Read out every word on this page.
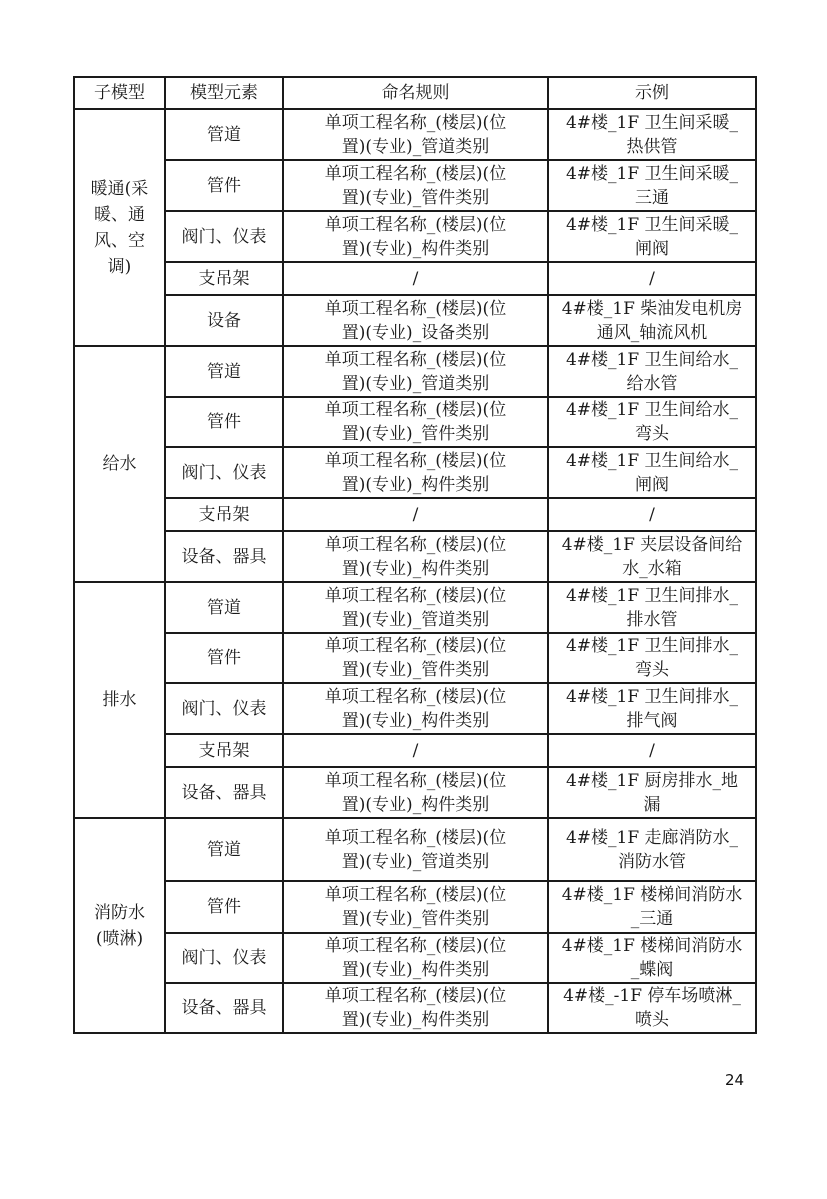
子模型	模型元素	命名规则	示例
暖通(采暖、通风、空调)	管道	单项工程名称_(楼层)(位
置)(专业)_管道类别	4#楼_1F 卫生间采暖_
热供管

	管件	单项工程名称_(楼层)(位
置)(专业)_管件类别	4#楼_1F 卫生间采暖_
三通

	阀门、仪表	单项工程名称_(楼层)(位
置)(专业)_构件类别	4#楼_1F 卫生间采暖_
闸阀

	支吊架	/	/

	设备	单项工程名称_(楼层)(位
置)(专业)_设备类别	4#楼_1F 柴油发电机房
通风_轴流风机

给水	管道	单项工程名称_(楼层)(位
置)(专业)_管道类别	4#楼_1F 卫生间给水_
给水管

	管件	单项工程名称_(楼层)(位
置)(专业)_管件类别	4#楼_1F 卫生间给水_
弯头

	阀门、仪表	单项工程名称_(楼层)(位
置)(专业)_构件类别	4#楼_1F 卫生间给水_
闸阀

	支吊架	/	/

	设备、器具	单项工程名称_(楼层)(位
置)(专业)_构件类别	4#楼_1F 夹层设备间给
水_水箱

排水	管道	单项工程名称_(楼层)(位
置)(专业)_管道类别	4#楼_1F 卫生间排水_
排水管

	管件	单项工程名称_(楼层)(位
置)(专业)_管件类别	4#楼_1F 卫生间排水_
弯头

	阀门、仪表	单项工程名称_(楼层)(位
置)(专业)_构件类别	4#楼_1F 卫生间排水_
排气阀

	支吊架	/	/

	设备、器具	单项工程名称_(楼层)(位
置)(专业)_构件类别	4#楼_1F 厨房排水_地
漏

消防水(喷淋)	管道	单项工程名称_(楼层)(位
置)(专业)_管道类别	4#楼_1F 走廊消防水_
消防水管

	管件	单项工程名称_(楼层)(位
置)(专业)_管件类别	4#楼_1F 楼梯间消防水
_三通

	阀门、仪表	单项工程名称_(楼层)(位
置)(专业)_构件类别	4#楼_1F 楼梯间消防水
_蝶阀

	设备、器具	单项工程名称_(楼层)(位
置)(专业)_构件类别	4#楼_-1F 停车场喷淋_
喷头
24
